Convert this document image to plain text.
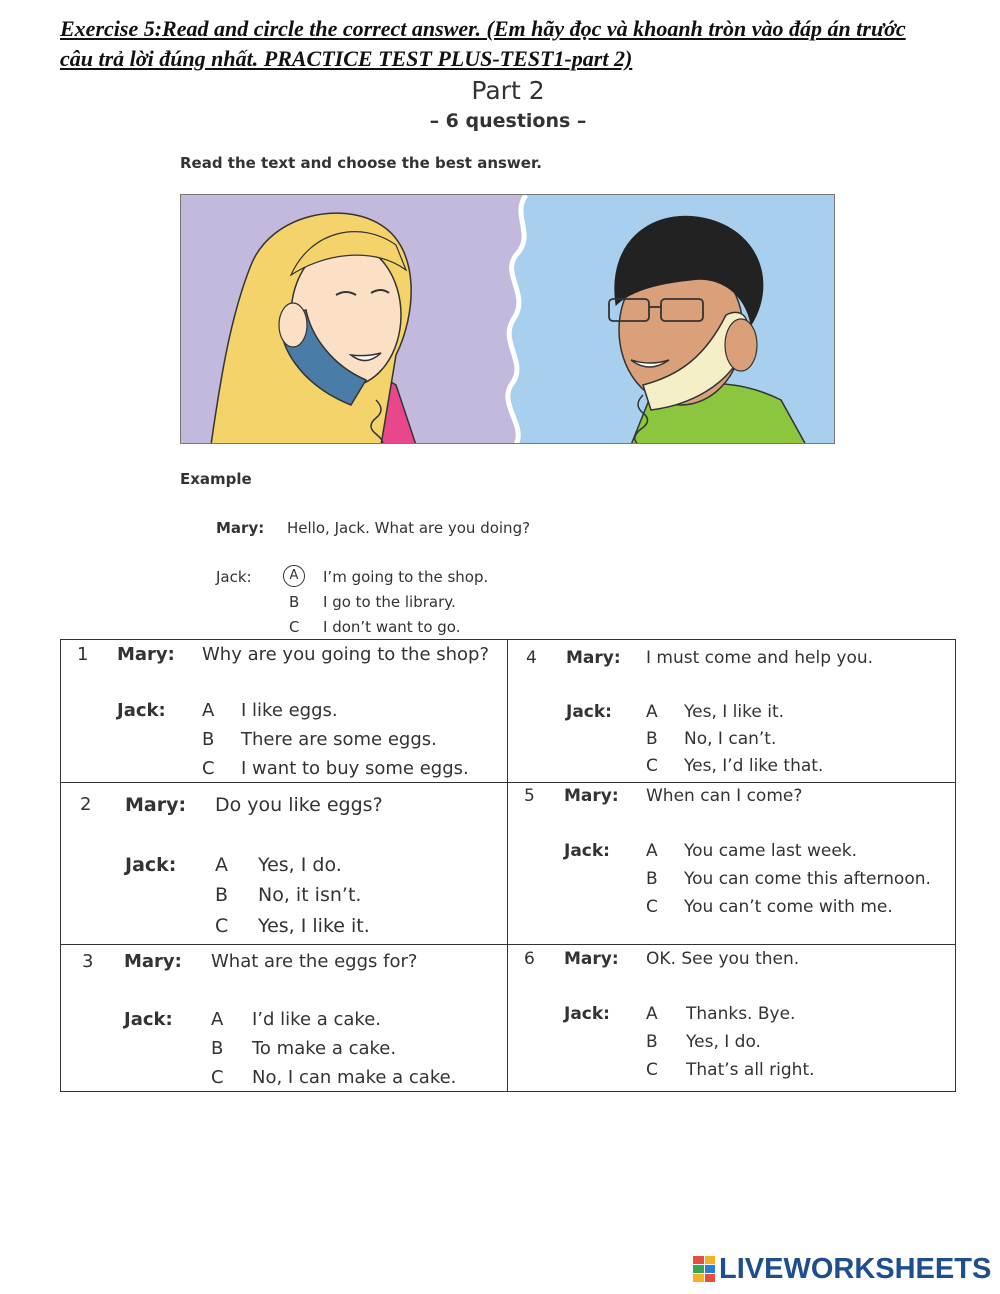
Exercise 5:Read and circle the correct answer. (Em hãy đọc và khoanh tròn vào đáp án trước
câu trả lời đúng nhất. PRACTICE TEST PLUS-TEST1-part 2)
Part 2
– 6 questions –
Read the text and choose the best answer.
Example
Mary: Hello, Jack. What are you doing?
Jack:	A	I’m going to the shop.
B I go to the library.
C I don’t want to go.
1 Mary: Why are you going to the shop?
Jack: A I like eggs.
B There are some eggs.
C I want to buy some eggs.
2 Mary: Do you like eggs?
Jack: A Yes, I do.
B No, it isn’t.
C Yes, I like it.
3 Mary: What are the eggs for?
Jack: A I’d like a cake.
B To make a cake.
C No, I can make a cake.
4 Mary: I must come and help you.
Jack: A Yes, I like it.
B No, I can’t.
C Yes, I’d like that.
5 Mary: When can I come?
Jack: A You came last week.
B You can come this afternoon.
C You can’t come with me.
6 Mary: OK. See you then.
Jack: A Thanks. Bye.
B Yes, I do.
C That’s all right.
LIVEWORKSHEETS
